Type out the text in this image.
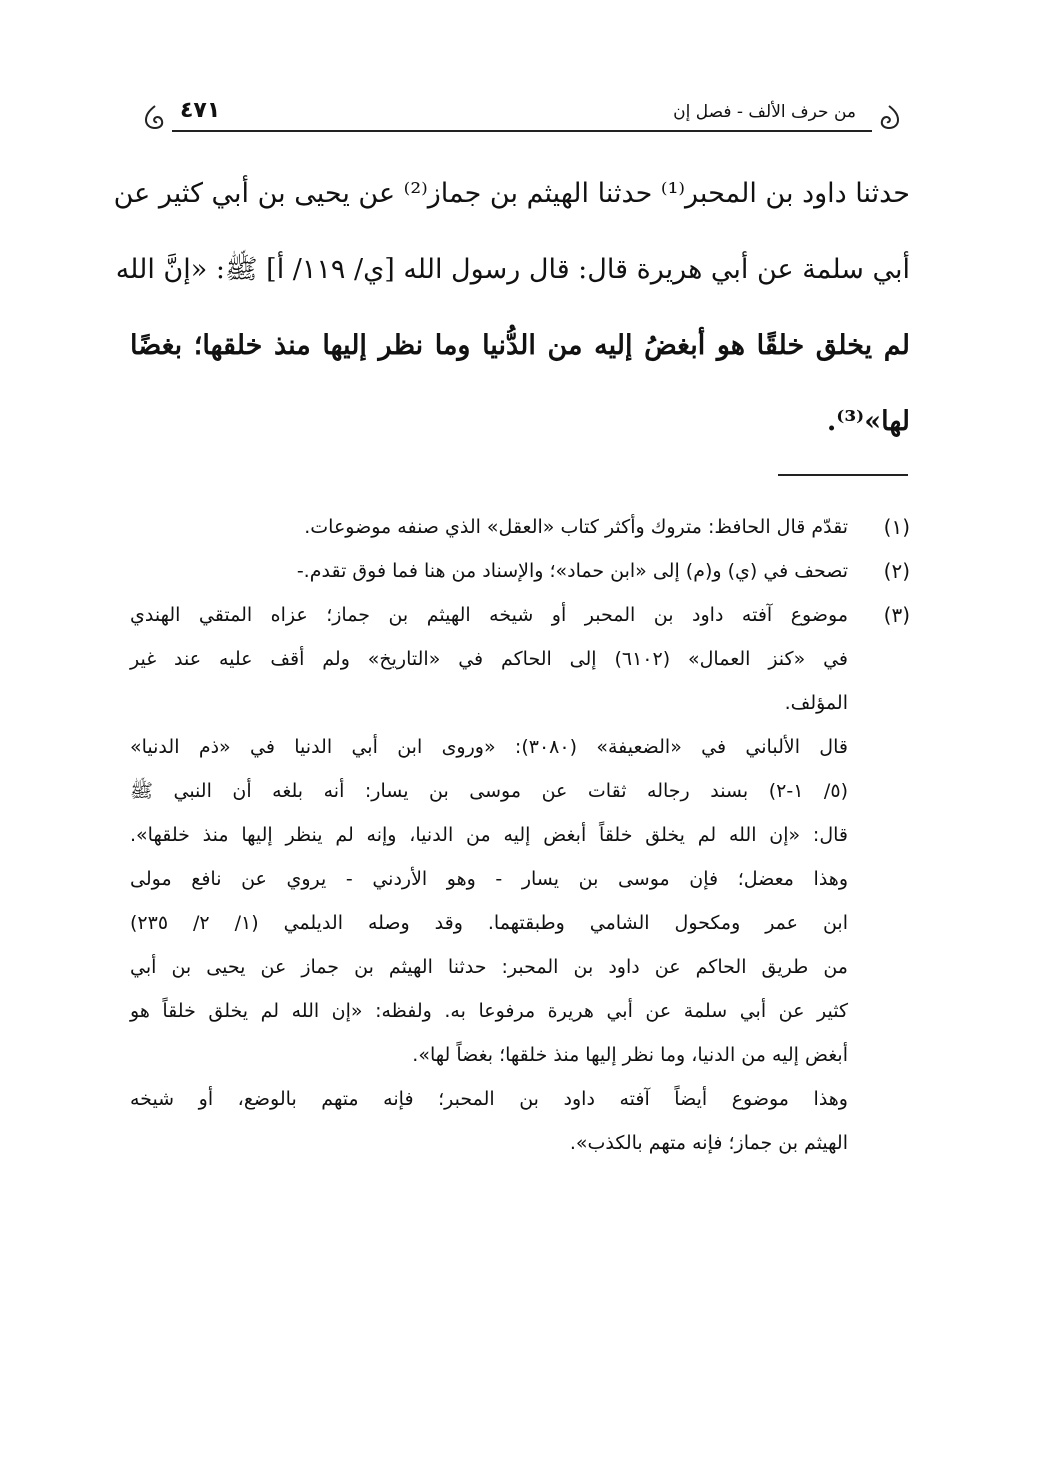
من حرف الألف - فصل إن
٤٧١
حدثنا داود بن المحبر⁽¹⁾ حدثنا الهيثم بن جماز⁽²⁾ عن يحيى بن أبي كثير عن
أبي سلمة عن أبي هريرة قال: قال رسول الله [ي/ ١١٩/ أ] ﷺ: «إنَّ الله
لم يخلق خلقًا هو أبغضُ إليه من الدُّنيا وما نظر إليها منذ خلقها؛ بغضًا
لها»⁽³⁾.
(١)
تقدّم قال الحافظ: متروك وأكثر كتاب «العقل» الذي صنفه موضوعات.
(٢)
تصحف في (ي) و(م) إلى «ابن حماد»؛ والإسناد من هنا فما فوق تقدم.-
(٣)
موضوع آفته داود بن المحبر أو شيخه الهيثم بن جماز؛ عزاه المتقي الهندي
في «كنز العمال» (٦١٠٢) إلى الحاكم في «التاريخ» ولم أقف عليه عند غير
المؤلف.
قال الألباني في «الضعيفة» (٣٠٨٠): «وروى ابن أبي الدنيا في «ذم الدنيا»
(٥/ ١-٢) بسند رجاله ثقات عن موسى بن يسار: أنه بلغه أن النبي ﷺ
قال: «إن الله لم يخلق خلقاً أبغض إليه من الدنيا، وإنه لم ينظر إليها منذ خلقها».
وهذا معضل؛ فإن موسى بن يسار - وهو الأردني - يروي عن نافع مولى
ابن عمر ومكحول الشامي وطبقتهما. وقد وصله الديلمي (١/ ٢/ ٢٣٥)
من طريق الحاكم عن داود بن المحبر: حدثنا الهيثم بن جماز عن يحيى بن أبي
كثير عن أبي سلمة عن أبي هريرة مرفوعا به. ولفظه: «إن الله لم يخلق خلقاً هو
أبغض إليه من الدنيا، وما نظر إليها منذ خلقها؛ بغضاً لها».
وهذا موضوع أيضاً آفته داود بن المحبر؛ فإنه متهم بالوضع، أو شيخه
الهيثم بن جماز؛ فإنه متهم بالكذب».
